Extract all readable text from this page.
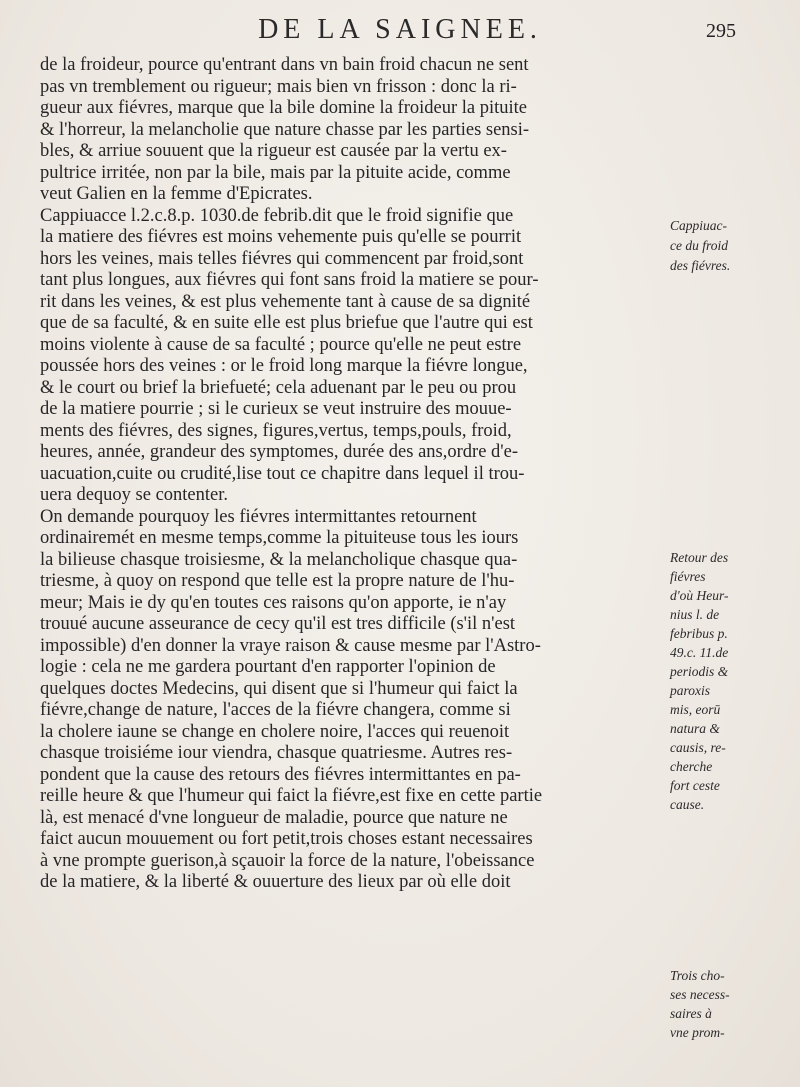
DE LA SAIGNEE.	295
de la froideur, pource qu'entrant dans vn bain froid chacun ne sent
pas vn tremblement ou rigueur; mais bien vn frisson : donc la ri-
gueur aux fiévres, marque que la bile domine la froideur la pituite
& l'horreur, la melancholie que nature chasse par les parties sensi-
bles, & arriue souuent que la rigueur est causée par la vertu ex-
pultrice irritée, non par la bile, mais par la pituite acide, comme
veut Galien en la femme d'Epicrates.
Cappiuacce l.2.c.8.p. 1030.de febrib.dit que le froid signifie que
la matiere des fiévres est moins vehemente puis qu'elle se pourrit
hors les veines, mais telles fiévres qui commencent par froid,sont
tant plus longues, aux fiévres qui font sans froid la matiere se pour-
rit dans les veines, & est plus vehemente tant à cause de sa dignité
que de sa faculté, & en suite elle est plus briefue que l'autre qui est
moins violente à cause de sa faculté ; pource qu'elle ne peut estre
poussée hors des veines : or le froid long marque la fiévre longue,
& le court ou brief la briefueté; cela aduenant par le peu ou prou
de la matiere pourrie ; si le curieux se veut instruire des mouue-
ments des fiévres, des signes, figures,vertus, temps,pouls, froid,
heures, année, grandeur des symptomes, durée des ans,ordre d'e-
uacuation,cuite ou crudité,lise tout ce chapitre dans lequel il trou-
uera dequoy se contenter.
On demande pourquoy les fiévres intermittantes retournent
ordinairemét en mesme temps,comme la pituiteuse tous les iours
la bilieuse chasque troisiesme, & la melancholique chasque qua-
triesme, à quoy on respond que telle est la propre nature de l'hu-
meur; Mais ie dy qu'en toutes ces raisons qu'on apporte, ie n'ay
trouué aucune asseurance de cecy qu'il est tres difficile (s'il n'est
impossible) d'en donner la vraye raison & cause mesme par l'Astro-
logie : cela ne me gardera pourtant d'en rapporter l'opinion de
quelques doctes Medecins, qui disent que si l'humeur qui faict la
fiévre,change de nature, l'acces de la fiévre changera, comme si
la cholere iaune se change en cholere noire, l'acces qui reuenoit
chasque troisiéme iour viendra, chasque quatriesme. Autres res-
pondent que la cause des retours des fiévres intermittantes en pa-
reille heure & que l'humeur qui faict la fiévre,est fixe en cette partie
là, est menacé d'vne longueur de maladie, pource que nature ne
faict aucun mouuement ou fort petit,trois choses estant necessaires
à vne prompte guerison,à sçauoir la force de la nature, l'obeissance
de la matiere, & la liberté & ouuerture des lieux par où elle doit
Cappiuac-
ce du froid
des fiévres.
Retour des
fiévres
d'où Heur-
nius l. de
febribus p.
49.c. 11.de
periodis &
paroxis
mis, eorū
natura &
causis, re-
cherche
fort ceste
cause.
Trois cho-
ses necess-
saires à
vne prom-
